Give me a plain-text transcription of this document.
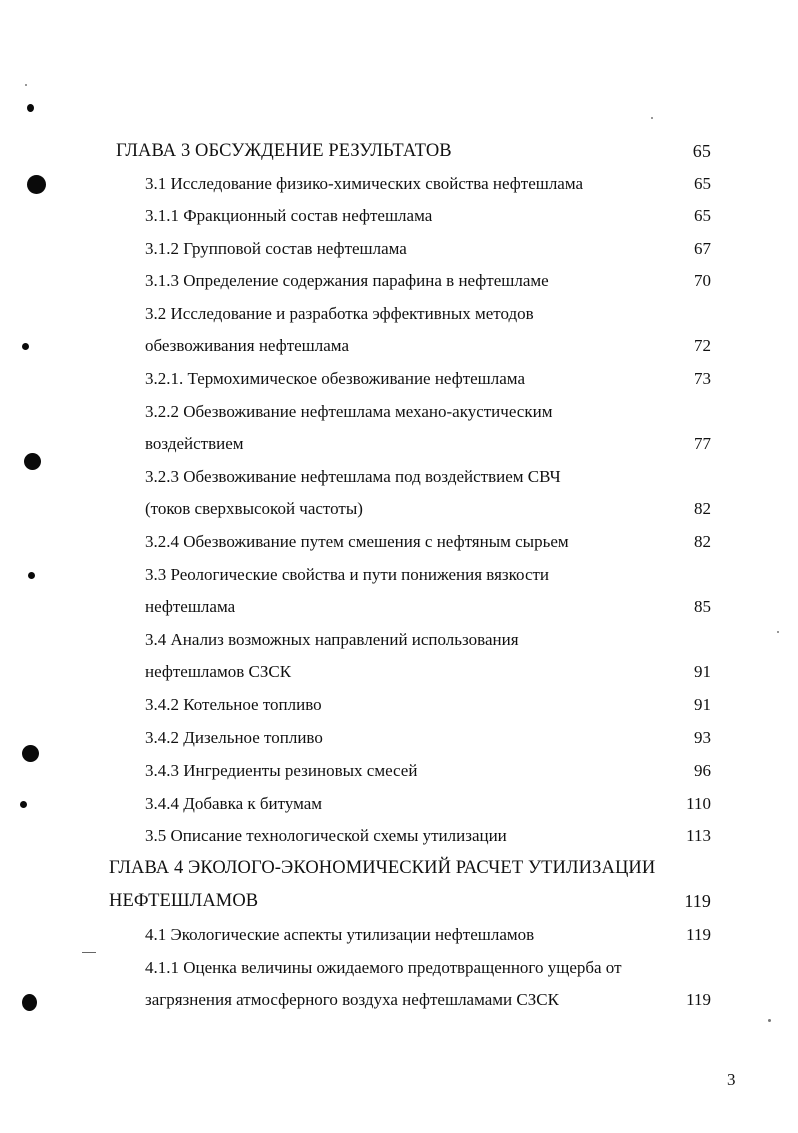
ГЛАВА 3 ОБСУЖДЕНИЕ РЕЗУЛЬТАТОВ	65
3.1 Исследование физико-химических свойства нефтешлама	65
3.1.1 Фракционный состав нефтешлама	65
3.1.2 Групповой состав нефтешлама	67
3.1.3 Определение содержания парафина в нефтешламе	70
3.2 Исследование и разработка эффективных методов
обезвоживания нефтешлама	72
3.2.1. Термохимическое обезвоживание нефтешлама	73
3.2.2 Обезвоживание нефтешлама механо-акустическим
воздействием	77
3.2.3 Обезвоживание нефтешлама под воздействием СВЧ
(токов сверхвысокой частоты)	82
3.2.4 Обезвоживание путем смешения с нефтяным сырьем	82
3.3 Реологические свойства и пути понижения вязкости
нефтешлама	85
3.4 Анализ возможных направлений использования
нефтешламов СЗСК	91
3.4.2 Котельное топливо	91
3.4.2 Дизельное топливо	93
3.4.3 Ингредиенты резиновых смесей	96
3.4.4 Добавка к битумам	110
3.5 Описание технологической схемы утилизации	113
ГЛАВА 4 ЭКОЛОГО-ЭКОНОМИЧЕСКИЙ РАСЧЕТ УТИЛИЗАЦИИ
НЕФТЕШЛАМОВ	119
4.1 Экологические аспекты утилизации нефтешламов	119
4.1.1 Оценка величины ожидаемого предотвращенного ущерба от
загрязнения атмосферного воздуха нефтешламами СЗСК	119
3
